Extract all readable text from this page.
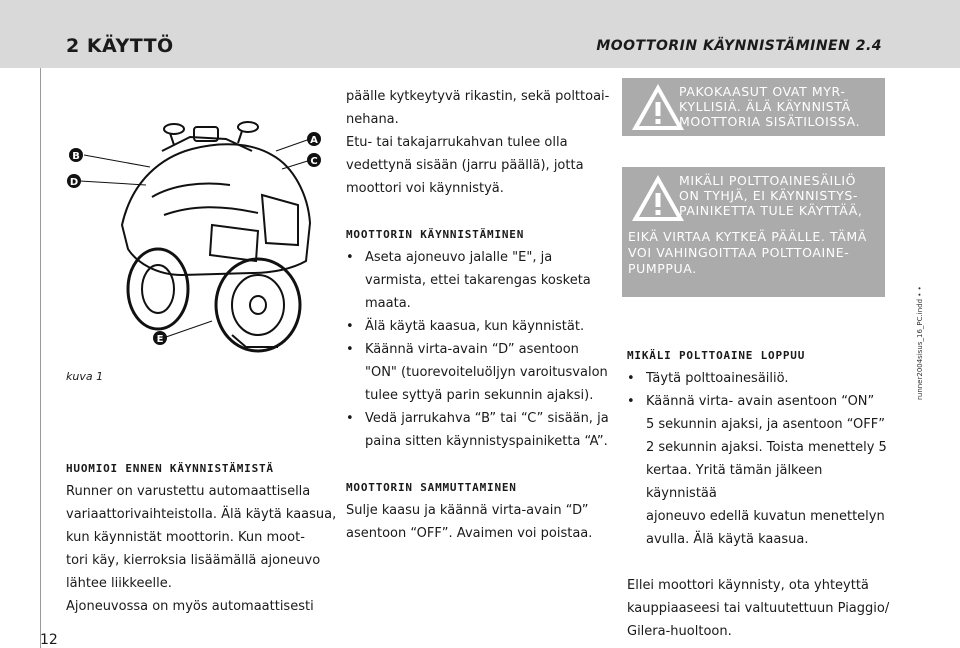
2 KÄYTTÖ	MOOTTORIN KÄYNNISTÄMINEN 2.4
12
A
B	C
D
E
kuva 1

HUOMIOI ENNEN KÄYNNISTÄMISTÄ

Runner on varustettu automaattisella

variaattorivaihteistolla. Älä käytä kaasua,

kun käynnistät moottorin. Kun moot-

tori käy, kierroksia lisäämällä ajoneuvo

lähtee liikkeelle.

Ajoneuvossa on myös automaattisesti

päälle kytkeytyvä rikastin, sekä polttoai-

nehana.

Etu- tai takajarrukahvan tulee olla

vedettynä sisään (jarru päällä), jotta

moottori voi käynnistyä.

MOOTTORIN KÄYNNISTÄMINEN

• Aseta ajoneuvo jalalle "E", ja

varmista, ettei takarengas kosketa

maata.

• Älä käytä kaasua, kun käynnistät.

• Käännä virta-avain “D” asentoon

"ON" (tuorevoiteluöljyn varoitusvalon

tulee syttyä parin sekunnin ajaksi).

• Vedä jarrukahva “B” tai “C” sisään, ja

paina sitten käynnistyspainiketta “A”.

MOOTTORIN SAMMUTTAMINEN

Sulje kaasu ja käännä virta-avain “D”

asentoon “OFF”. Avaimen voi poistaa.

PAKOKAASUT OVAT MYR-
KYLLISIÄ. ÄLÄ KÄYNNISTÄ
MOOTTORIA SISÄTILOISSA.
MIKÄLI POLTTOAINESÄILIÖ
ON TYHJÄ, EI KÄYNNISTYS-
PAINIKETTA TULE KÄYTTÄÄ,
EIKÄ VIRTAA KYTKEÄ PÄÄLLE. TÄMÄ
VOI VAHINGOITTAA POLTTOAINE-
PUMPPUA.

MIKÄLI POLTTOAINE LOPPUU

• Täytä polttoainesäiliö.

• Käännä virta- avain asentoon “ON”

5 sekunnin ajaksi, ja asentoon “OFF”

2 sekunnin ajaksi. Toista menettely 5

kertaa. Yritä tämän jälkeen käynnistää

ajoneuvo edellä kuvatun menettelyn

avulla. Älä käytä kaasua.

Ellei moottori käynnisty, ota yhteyttä

kauppiaaseesi tai valtuutettuun Piaggio/

Gilera-huoltoon.

runner2004sisus_16_PC.indd • •
